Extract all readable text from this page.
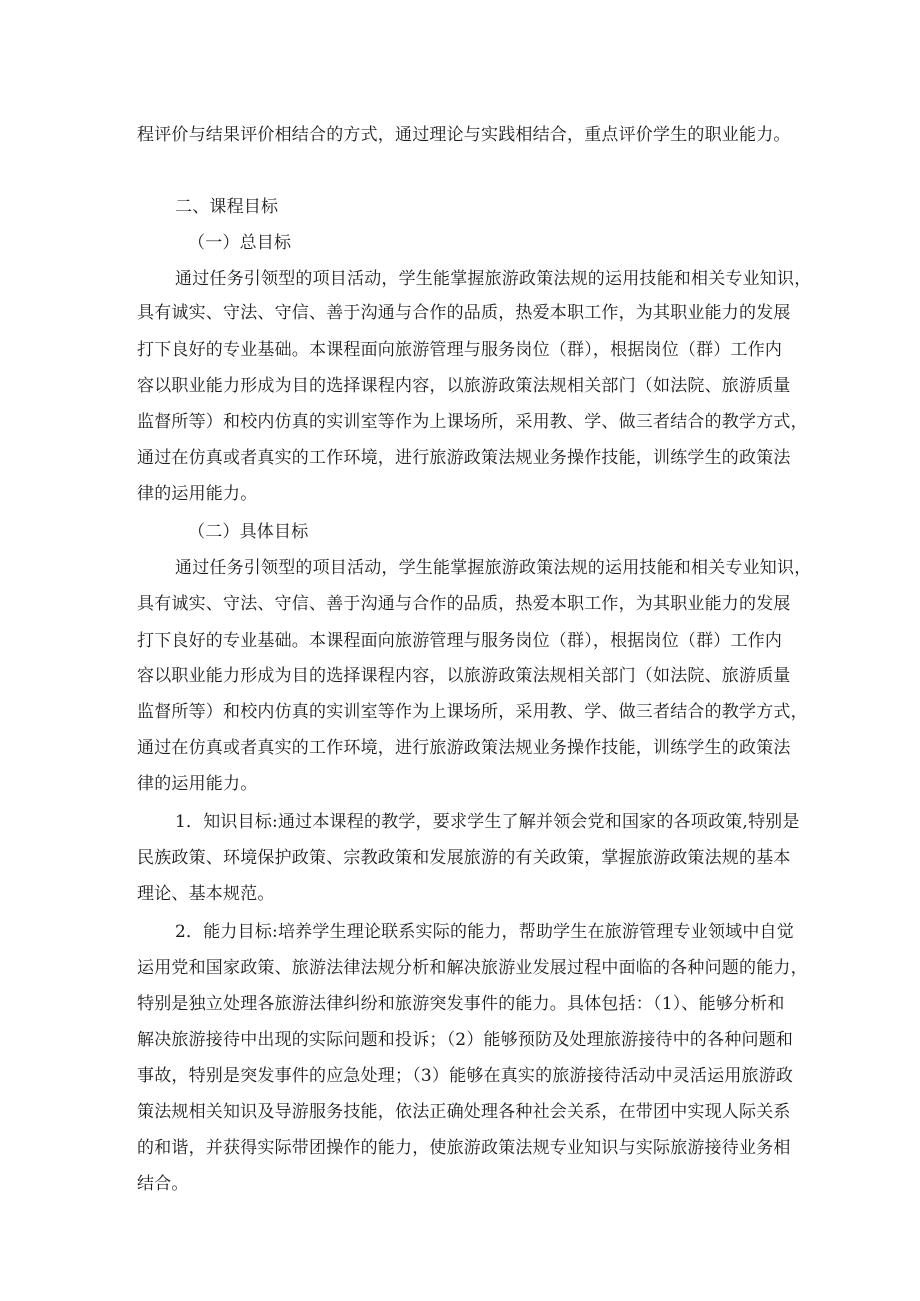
程评价与结果评价相结合的方式，通过理论与实践相结合，重点评价学生的职业能力。
二、课程目标
（一）总目标
通过任务引领型的项目活动，学生能掌握旅游政策法规的运用技能和相关专业知识，
具有诚实、守法、守信、善于沟通与合作的品质，热爱本职工作，为其职业能力的发展
打下良好的专业基础。本课程面向旅游管理与服务岗位（群），根据岗位（群）工作内
容以职业能力形成为目的选择课程内容，以旅游政策法规相关部门（如法院、旅游质量
监督所等）和校内仿真的实训室等作为上课场所，采用教、学、做三者结合的教学方式，
通过在仿真或者真实的工作环境，进行旅游政策法规业务操作技能，训练学生的政策法
律的运用能力。
（二）具体目标
通过任务引领型的项目活动，学生能掌握旅游政策法规的运用技能和相关专业知识，
具有诚实、守法、守信、善于沟通与合作的品质，热爱本职工作，为其职业能力的发展
打下良好的专业基础。本课程面向旅游管理与服务岗位（群），根据岗位（群）工作内
容以职业能力形成为目的选择课程内容，以旅游政策法规相关部门（如法院、旅游质量
监督所等）和校内仿真的实训室等作为上课场所，采用教、学、做三者结合的教学方式，
通过在仿真或者真实的工作环境，进行旅游政策法规业务操作技能，训练学生的政策法
律的运用能力。
1．知识目标:通过本课程的教学，要求学生了解并领会党和国家的各项政策,特别是
民族政策、环境保护政策、宗教政策和发展旅游的有关政策，掌握旅游政策法规的基本
理论、基本规范。
2．能力目标:培养学生理论联系实际的能力，帮助学生在旅游管理专业领域中自觉
运用党和国家政策、旅游法律法规分析和解决旅游业发展过程中面临的各种问题的能力，
特别是独立处理各旅游法律纠纷和旅游突发事件的能力。具体包括：（1）、能够分析和
解决旅游接待中出现的实际问题和投诉；（2）能够预防及处理旅游接待中的各种问题和
事故，特别是突发事件的应急处理；（3）能够在真实的旅游接待活动中灵活运用旅游政
策法规相关知识及导游服务技能，依法正确处理各种社会关系，在带团中实现人际关系
的和谐，并获得实际带团操作的能力，使旅游政策法规专业知识与实际旅游接待业务相
结合。
